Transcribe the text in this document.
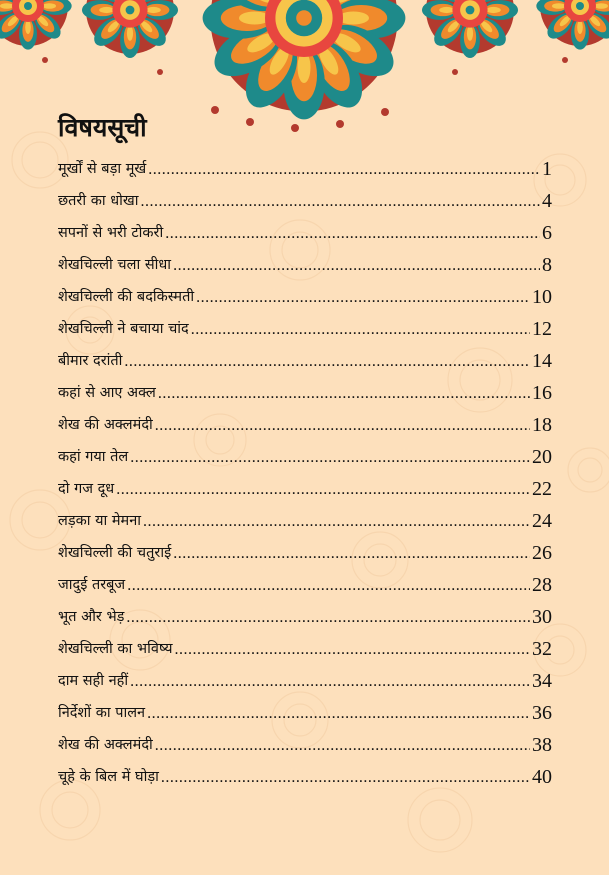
विषयसूची
मूर्खों से बड़ा मूर्ख .....	1
छतरी का धोखा .....	4
सपनों से भरी टोकरी .....	6
शेखचिल्ली चला सीधा .....	8
शेखचिल्ली की बदकिस्मती .....	10
शेखचिल्ली ने बचाया चांद .....	12
बीमार दरांती .....	14
कहां से आए अक्ल .....	16
शेख की अक्लमंदी .....	18
कहां गया तेल .....	20
दो गज दूध .....	22
लड़का या मेमना .....	24
शेखचिल्ली की चतुराई .....	26
जादुई तरबूज .....	28
भूत और भेड़ .....	30
शेखचिल्ली का भविष्य .....	32
दाम सही नहीं .....	34
निर्देशों का पालन .....	36
शेख की अक्लमंदी .....	38
चूहे के बिल में घोड़ा .....	40
